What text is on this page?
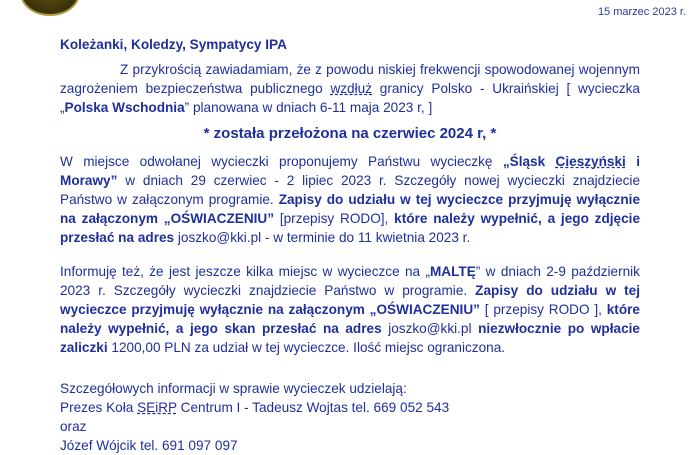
15 marzec 2023 r.

Koleżanki, Koledzy, Sympatycy IPA

Z przykrością zawiadamiam, że z powodu niskiej frekwencji spowodowanej wojennym zagrożeniem bezpieczeństwa publicznego wzdłuż granicy Polsko - Ukraińskiej [ wycieczka „Polska Wschodnia” planowana w dniach 6-11 maja 2023 r, ]

* została przełożona na czerwiec 2024 r, *

W miejsce odwołanej wycieczki proponujemy Państwu wycieczkę „Śląsk Cieszyński i Morawy” w dniach 29 czerwiec - 2 lipiec 2023 r. Szczegóły nowej wycieczki znajdziecie Państwo w załączonym programie. Zapisy do udziału w tej wycieczce przyjmuję wyłącznie na załączonym „OŚWIACZENIU” [przepisy RODO], które należy wypełnić, a jego zdjęcie przesłać na adres joszko@kki.pl - w terminie do 11 kwietnia 2023 r.

Informuję też, że jest jeszcze kilka miejsc w wycieczce na „MALTĘ” w dniach 2-9 październik 2023 r. Szczegóły wycieczki znajdziecie Państwo w programie. Zapisy do udziału w tej wycieczce przyjmuję wyłącznie na załączonym „OŚWIACZENIU” [ przepisy RODO ], które należy wypełnić, a jego skan przesłać na adres joszko@kki.pl niezwłocznie po wpłacie zaliczki 1200,00 PLN za udział w tej wycieczce. Ilość miejsc ograniczona.

Szczegółowych informacji w sprawie wycieczek udzielają:
Prezes Koła SEiRP Centrum I - Tadeusz Wojtas tel. 669 052 543
oraz
Józef Wójcik tel. 691 097 097
